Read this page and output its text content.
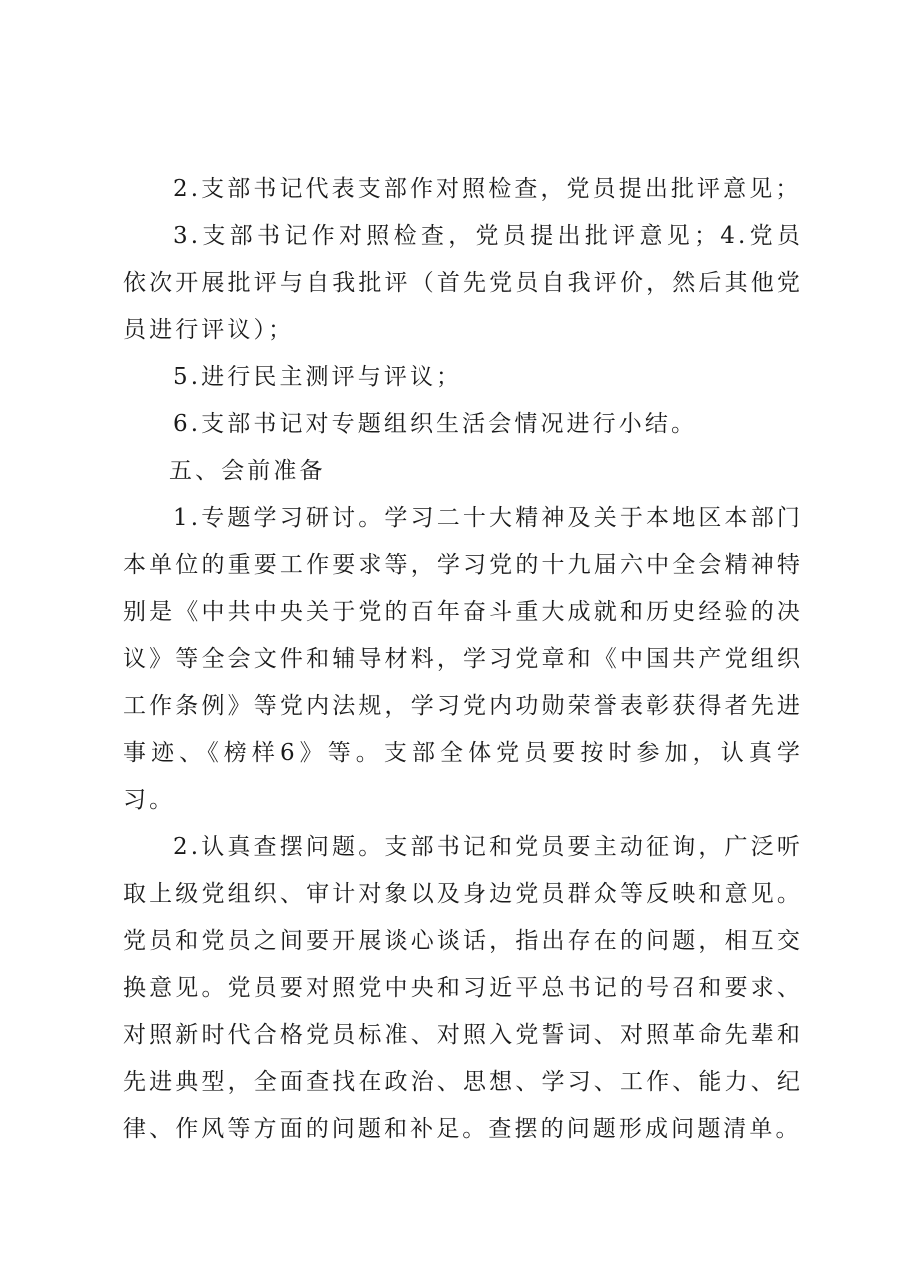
2.支部书记代表支部作对照检查，党员提出批评意见；

3.支部书记作对照检查，党员提出批评意见；4.党员依次开展批评与自我批评（首先党员自我评价，然后其他党员进行评议）；

5.进行民主测评与评议；

6.支部书记对专题组织生活会情况进行小结。

五、会前准备

1.专题学习研讨。学习二十大精神及关于本地区本部门本单位的重要工作要求等，学习党的十九届六中全会精神特别是《中共中央关于党的百年奋斗重大成就和历史经验的决议》等全会文件和辅导材料，学习党章和《中国共产党组织工作条例》等党内法规，学习党内功勋荣誉表彰获得者先进事迹、《榜样6》等。支部全体党员要按时参加，认真学习。

2.认真查摆问题。支部书记和党员要主动征询，广泛听取上级党组织、审计对象以及身边党员群众等反映和意见。党员和党员之间要开展谈心谈话，指出存在的问题，相互交换意见。党员要对照党中央和习近平总书记的号召和要求、对照新时代合格党员标准、对照入党誓词、对照革命先辈和先进典型，全面查找在政治、思想、学习、工作、能力、纪律、作风等方面的问题和补足。查摆的问题形成问题清单。
